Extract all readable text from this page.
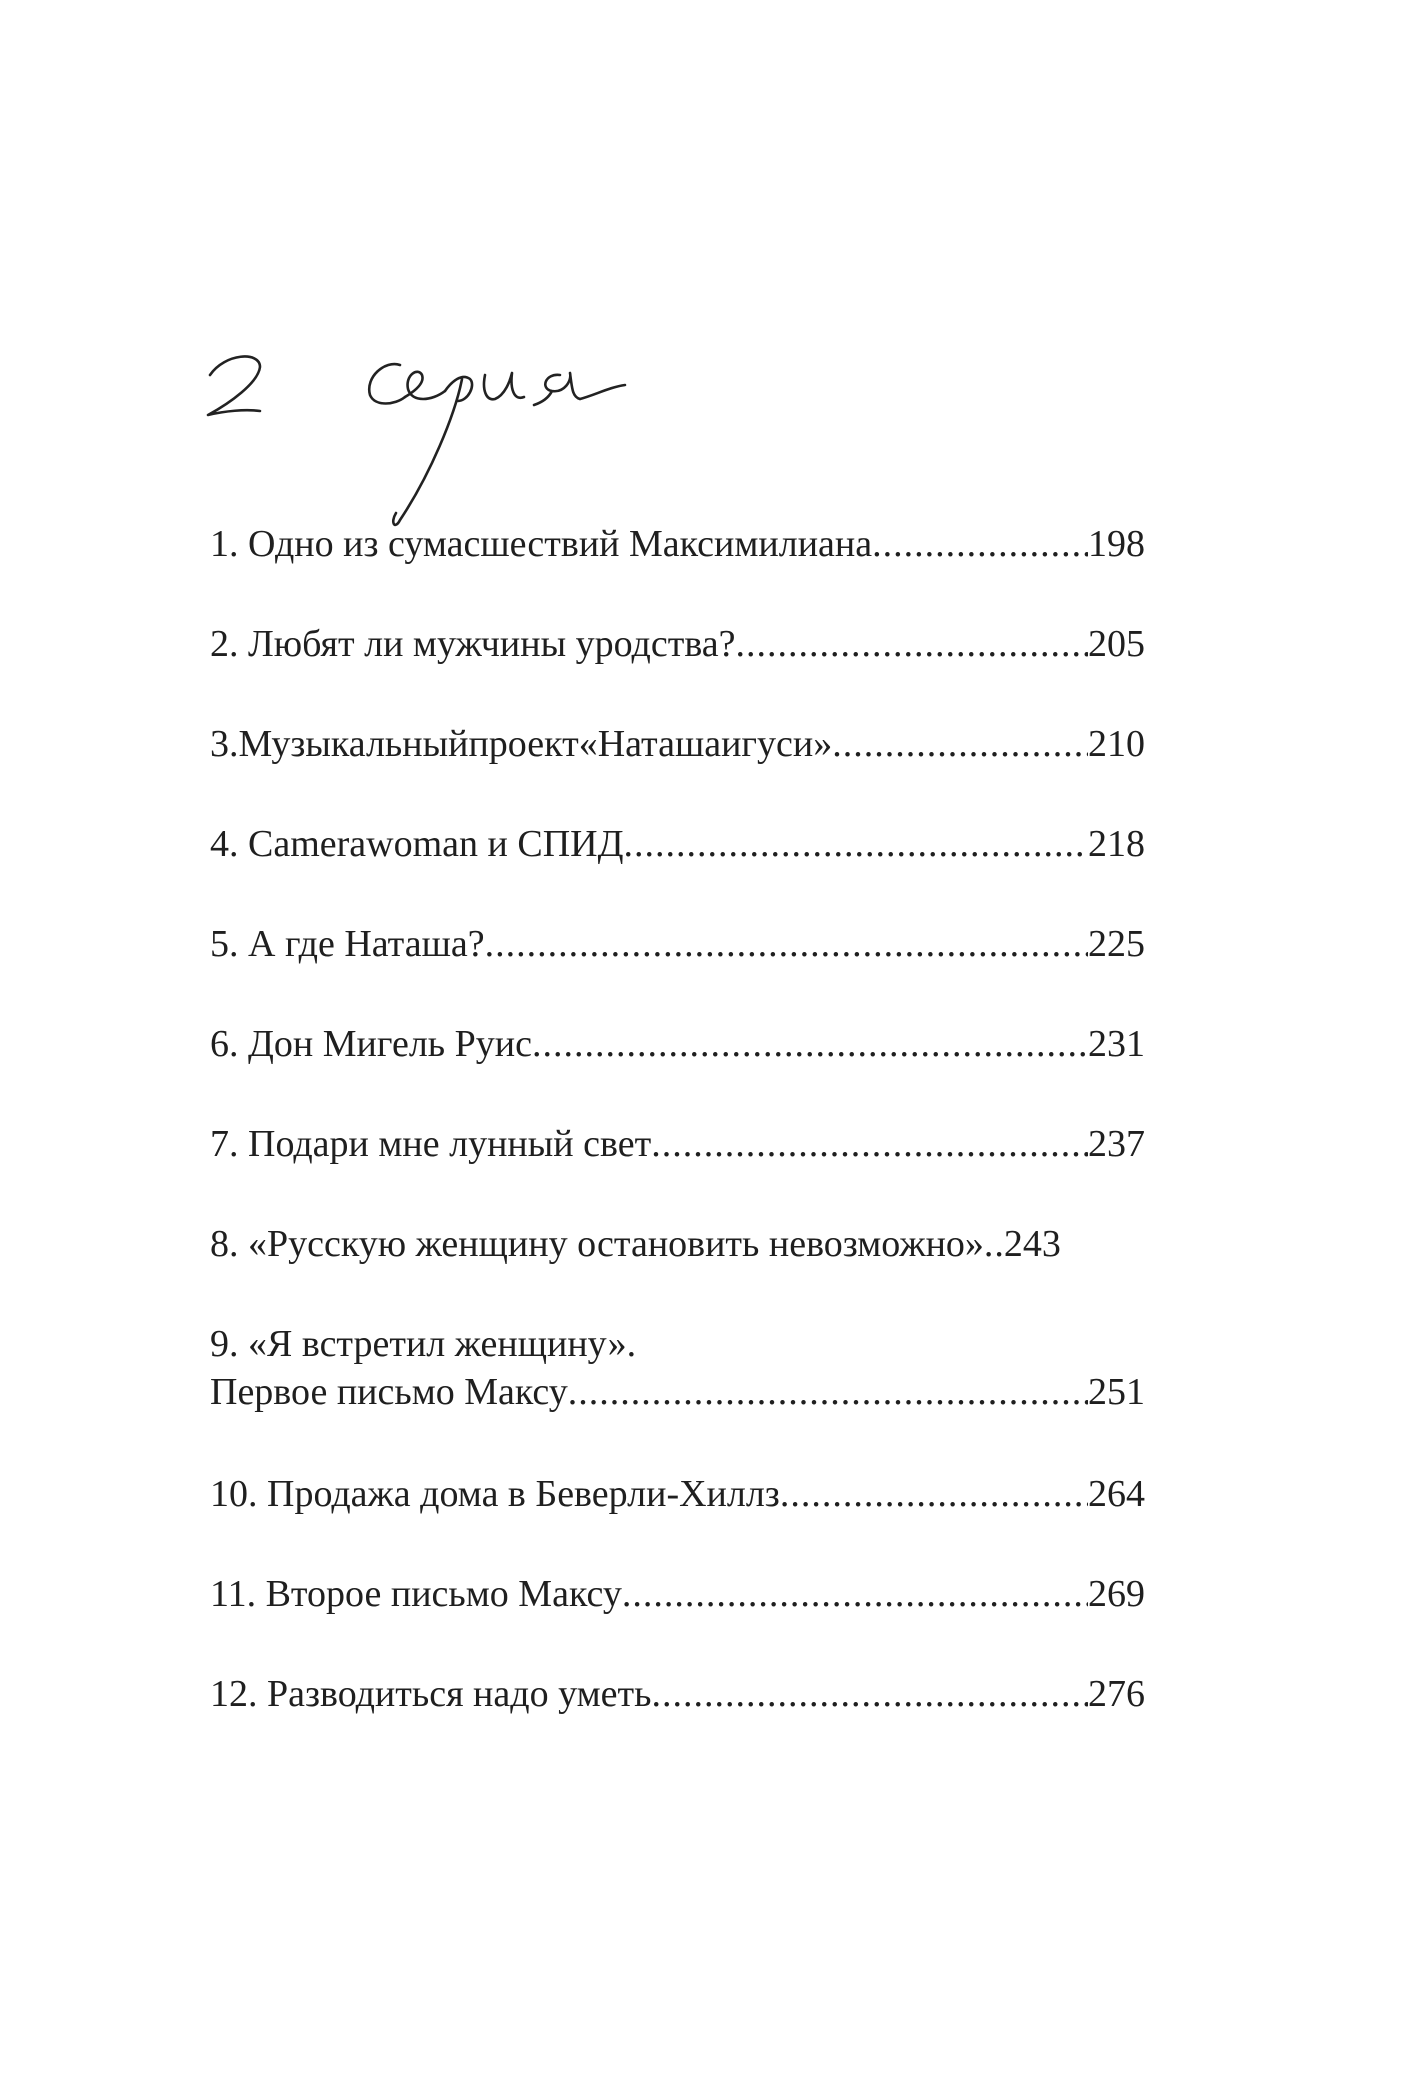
1. Одно из сумасшествий Максимилиана .....	198
2. Любят ли мужчины уродства? .....	205
3.Музыкальныйпроект«Наташаигуси» .....	210
4. Camerawoman и СПИД .....	218
5. А где Наташа? .....	225
6. Дон Мигель Руис .....	231
7. Подари мне лунный свет .....	237
8. «Русскую женщину остановить невозможно» ..... 243
9. «Я встретил женщину».
Первое письмо Максу .....	251
10. Продажа дома в Беверли-Хиллз .....	264
11. Второе письмо Максу .....	269
12. Разводиться надо уметь .....	276
